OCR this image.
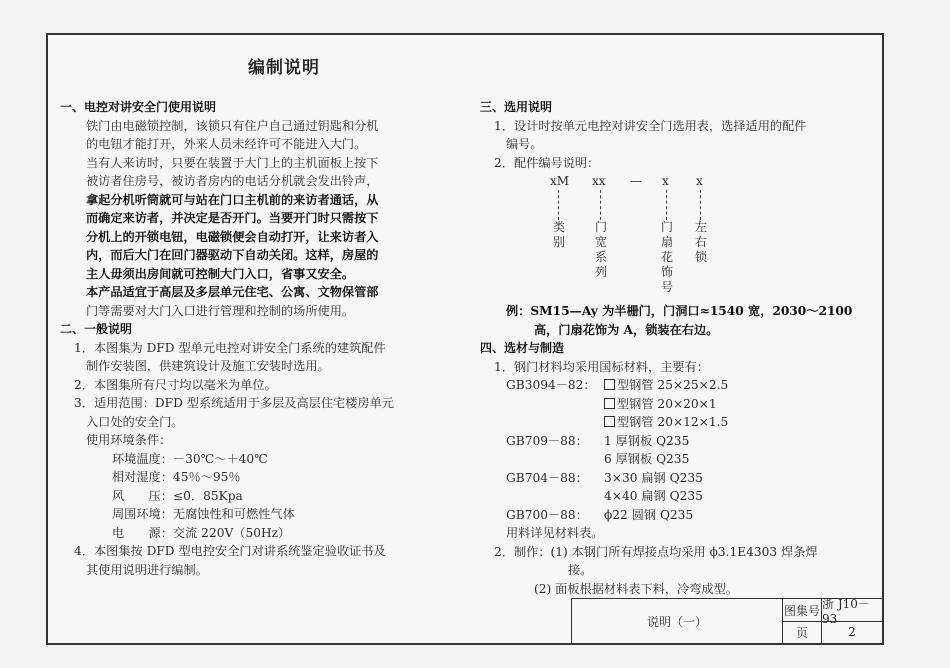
编制说明
一、电控对讲安全门使用说明
铁门由电磁锁控制，该锁只有住户自己通过钥匙和分机
的电钮才能打开，外来人员未经许可不能进入大门。
当有人来访时，只要在装置于大门上的主机面板上按下
被访者住房号，被访者房内的电话分机就会发出铃声，
拿起分机听筒就可与站在门口主机前的来访者通话，从
而确定来访者，并决定是否开门。当要开门时只需按下
分机上的开锁电钮，电磁锁便会自动打开，让来访者入
内，而后大门在回门器驱动下自动关闭。这样，房屋的
主人毋须出房间就可控制大门入口，省事又安全。
本产品适宜于高层及多层单元住宅、公寓、文物保管部
门等需要对大门入口进行管理和控制的场所使用。
二、一般说明
1．本图集为 DFD 型单元电控对讲安全门系统的建筑配件
制作安装图，供建筑设计及施工安装时选用。
2．本图集所有尺寸均以毫米为单位。
3．适用范围：DFD 型系统适用于多层及高层住宅楼房单元
入口处的安全门。
使用环境条件：
环境温度：－30℃～＋40℃
相对湿度：45％～95％
风　　压：≤0．85Kpa
周围环境：无腐蚀性和可燃性气体
电　　源：交流 220V（50Hz）
4．本图集按 DFD 型电控安全门对讲系统鉴定验收证书及
其使用说明进行编制。
三、选用说明
1．设计时按单元电控对讲安全门选用表，选择适用的配件
编号。
2．配件编号说明：
xM xx — x x
类别
门宽系列
门扇花饰号
左右锁
例：SM15—Ay 为半栅门，门洞口≈1540 宽，2030～2100
高，门扇花饰为 A，锁装在右边。
四、选材与制造
1．钢门材料均采用国标材料，主要有：
GB3094－82：	型钢管 25×25×2.5
型钢管 20×20×1
型钢管 20×12×1.5
GB709－88：	1 厚钢板 Q235
6 厚钢板 Q235
GB704－88：	3×30 扁钢 Q235
4×40 扁钢 Q235
GB700－88：	ϕ22 圆钢 Q235
用料详见材料表。
2．制作：(1) 本钢门所有焊接点均采用 ϕ3.1E4303 焊条焊
接。
(2) 面板根据材料表下料，冷弯成型。
说明（一）
图集号 浙 J10－93
页	2
